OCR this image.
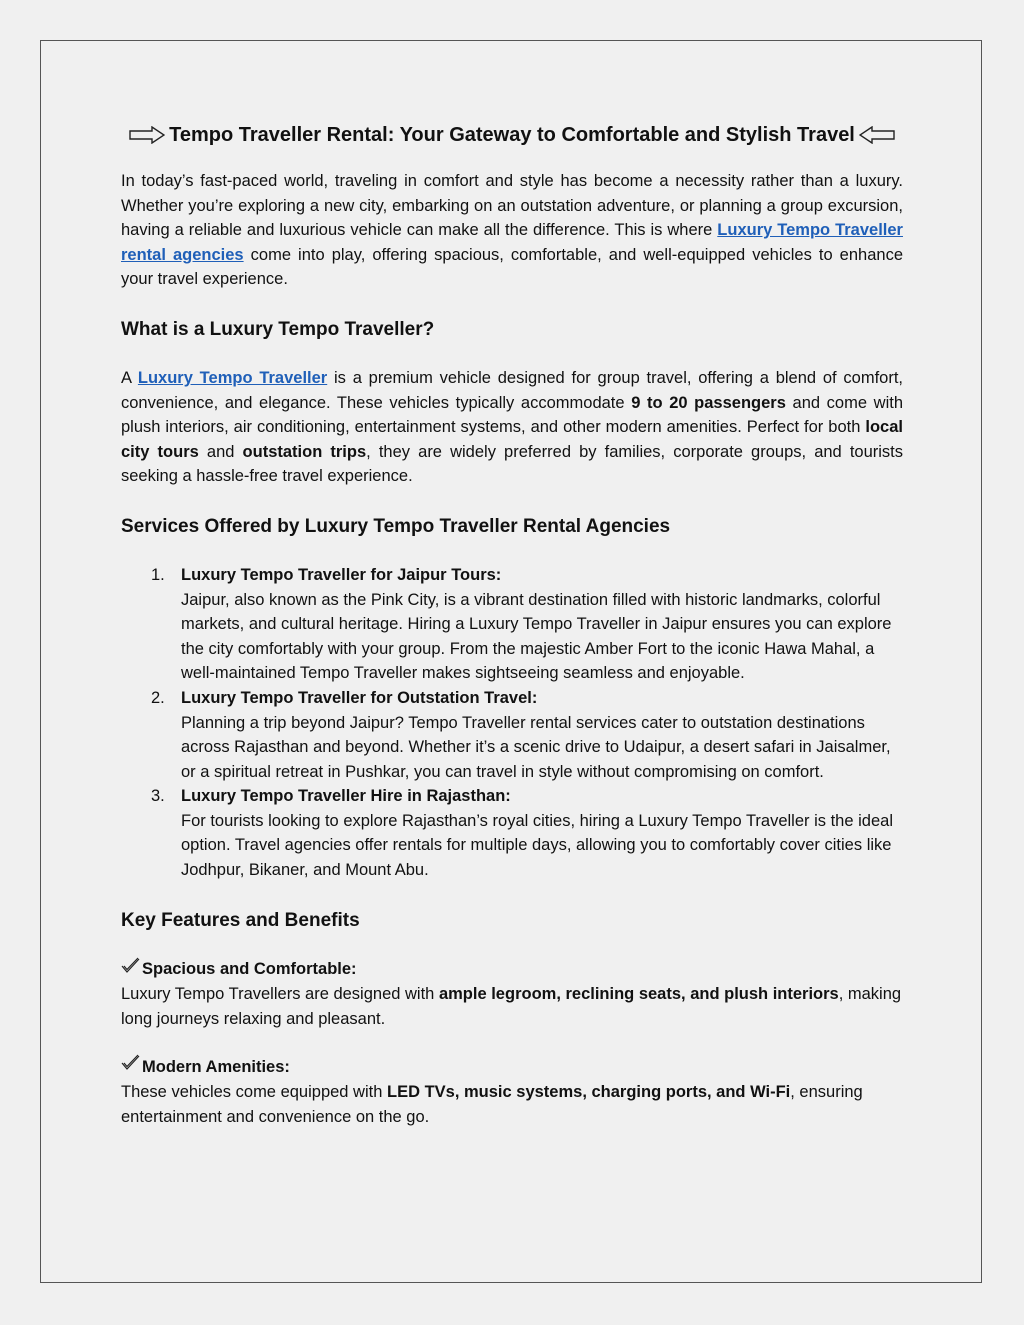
Tempo Traveller Rental: Your Gateway to Comfortable and Stylish Travel

In today’s fast-paced world, traveling in comfort and style has become a necessity rather than a luxury. Whether you’re exploring a new city, embarking on an outstation adventure, or planning a group excursion, having a reliable and luxurious vehicle can make all the difference. This is where Luxury Tempo Traveller rental agencies come into play, offering spacious, comfortable, and well-equipped vehicles to enhance your travel experience.

What is a Luxury Tempo Traveller?

A Luxury Tempo Traveller is a premium vehicle designed for group travel, offering a blend of comfort, convenience, and elegance. These vehicles typically accommodate 9 to 20 passengers and come with plush interiors, air conditioning, entertainment systems, and other modern amenities. Perfect for both local city tours and outstation trips, they are widely preferred by families, corporate groups, and tourists seeking a hassle-free travel experience.

Services Offered by Luxury Tempo Traveller Rental Agencies
1. Luxury Tempo Traveller for Jaipur Tours:
Jaipur, also known as the Pink City, is a vibrant destination filled with historic landmarks, colorful markets, and cultural heritage. Hiring a Luxury Tempo Traveller in Jaipur ensures you can explore the city comfortably with your group. From the majestic Amber Fort to the iconic Hawa Mahal, a well-maintained Tempo Traveller makes sightseeing seamless and enjoyable.
2. Luxury Tempo Traveller for Outstation Travel:
Planning a trip beyond Jaipur? Tempo Traveller rental services cater to outstation destinations across Rajasthan and beyond. Whether it’s a scenic drive to Udaipur, a desert safari in Jaisalmer, or a spiritual retreat in Pushkar, you can travel in style without compromising on comfort.
3. Luxury Tempo Traveller Hire in Rajasthan:
For tourists looking to explore Rajasthan’s royal cities, hiring a Luxury Tempo Traveller is the ideal option. Travel agencies offer rentals for multiple days, allowing you to comfortably cover cities like Jodhpur, Bikaner, and Mount Abu.
Key Features and Benefits
Spacious and Comfortable:

Luxury Tempo Travellers are designed with ample legroom, reclining seats, and plush interiors, making long journeys relaxing and pleasant.

Modern Amenities:

These vehicles come equipped with LED TVs, music systems, charging ports, and Wi-Fi, ensuring entertainment and convenience on the go.
